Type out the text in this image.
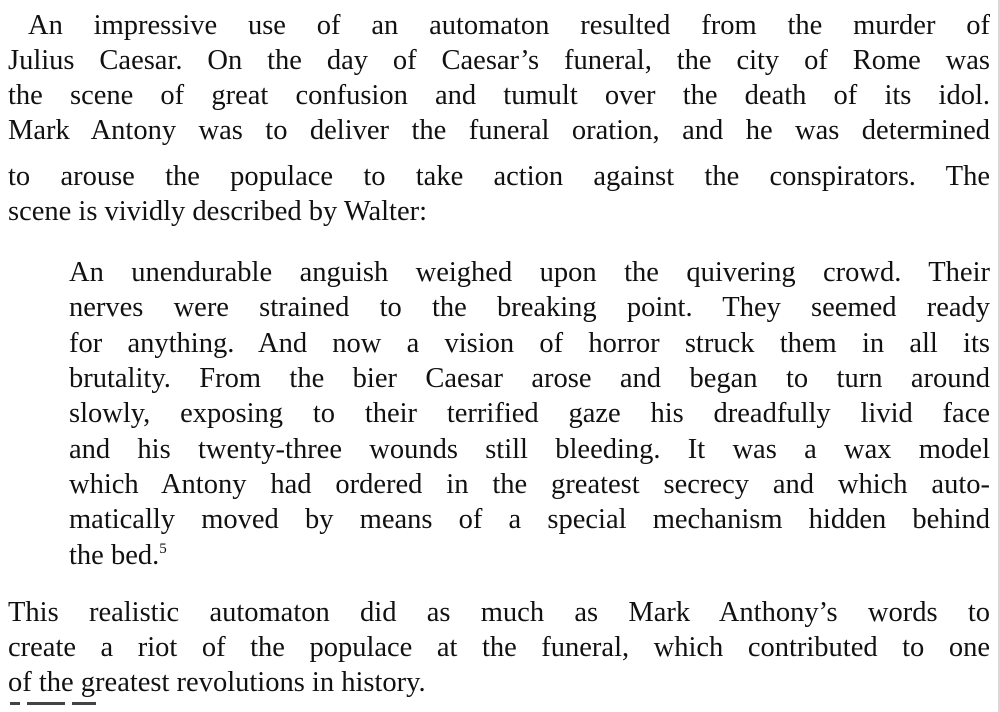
An impressive use of an automaton resulted from the murder of
Julius Caesar. On the day of Caesar’s funeral, the city of Rome was
the scene of great confusion and tumult over the death of its idol.
Mark Antony was to deliver the funeral oration, and he was determined
to arouse the populace to take action against the conspirators. The
scene is vividly described by Walter:
An unendurable anguish weighed upon the quivering crowd. Their
nerves were strained to the breaking point. They seemed ready
for anything. And now a vision of horror struck them in all its
brutality. From the bier Caesar arose and began to turn around
slowly, exposing to their terrified gaze his dreadfully livid face
and his twenty-three wounds still bleeding. It was a wax model
which Antony had ordered in the greatest secrecy and which auto-
matically moved by means of a special mechanism hidden behind
the bed.$^5$
This realistic automaton did as much as Mark Anthony’s words to
create a riot of the populace at the funeral, which contributed to one
of the greatest revolutions in history.
